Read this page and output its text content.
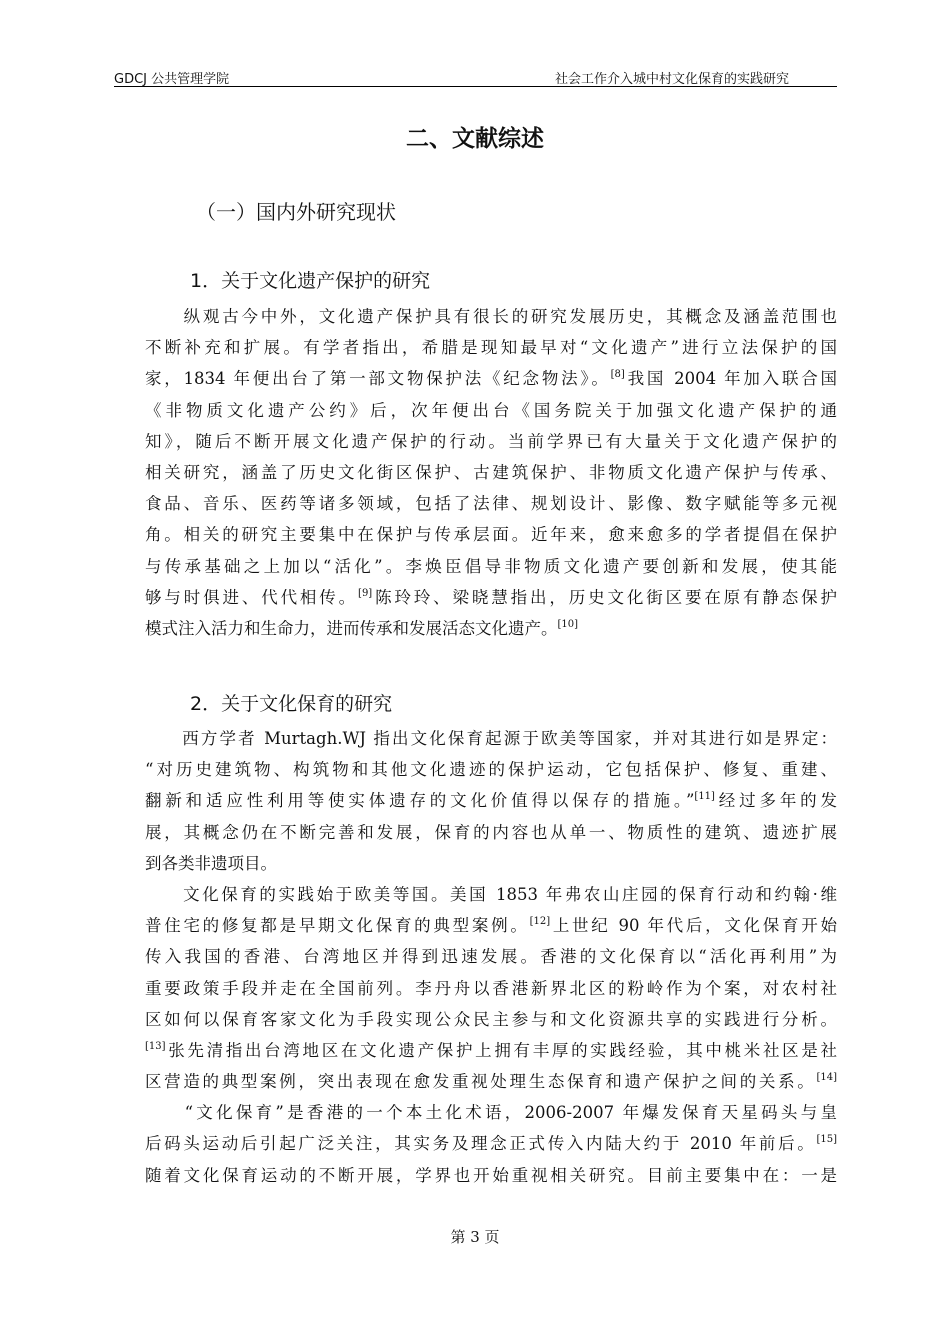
GDCJ 公共管理学院	社会工作介入城中村文化保育的实践研究
二、文献综述
（一）国内外研究现状
1．关于文化遗产保护的研究
　　纵观古今中外，文化遗产保护具有很长的研究发展历史，其概念及涵盖范围也
不断补充和扩展。有学者指出，希腊是现知最早对“文化遗产”进行立法保护的国
家，1834 年便出台了第一部文物保护法《纪念物法》。[8]我国 2004 年加入联合国
《非物质文化遗产公约》后，次年便出台《国务院关于加强文化遗产保护的通
知》，随后不断开展文化遗产保护的行动。当前学界已有大量关于文化遗产保护的
相关研究，涵盖了历史文化街区保护、古建筑保护、非物质文化遗产保护与传承、
食品、音乐、医药等诸多领域，包括了法律、规划设计、影像、数字赋能等多元视
角。相关的研究主要集中在保护与传承层面。近年来，愈来愈多的学者提倡在保护
与传承基础之上加以“活化”。李焕臣倡导非物质文化遗产要创新和发展，使其能
够与时俱进、代代相传。[9]陈玲玲、梁晓慧指出，历史文化街区要在原有静态保护
模式注入活力和生命力，进而传承和发展活态文化遗产。[10]
2．关于文化保育的研究
　　西方学者 Murtagh.WJ 指出文化保育起源于欧美等国家，并对其进行如是界定：
“对历史建筑物、构筑物和其他文化遗迹的保护运动，它包括保护、修复、重建、
翻新和适应性利用等使实体遗存的文化价值得以保存的措施。”[11]经过多年的发
展，其概念仍在不断完善和发展，保育的内容也从单一、物质性的建筑、遗迹扩展
到各类非遗项目。
　　文化保育的实践始于欧美等国。美国 1853 年弗农山庄园的保育行动和约翰·维
普住宅的修复都是早期文化保育的典型案例。[12]上世纪 90 年代后，文化保育开始
传入我国的香港、台湾地区并得到迅速发展。香港的文化保育以“活化再利用”为
重要政策手段并走在全国前列。李丹舟以香港新界北区的粉岭作为个案，对农村社
区如何以保育客家文化为手段实现公众民主参与和文化资源共享的实践进行分析。
[13]张先清指出台湾地区在文化遗产保护上拥有丰厚的实践经验，其中桃米社区是社
区营造的典型案例，突出表现在愈发重视处理生态保育和遗产保护之间的关系。[14]
　　“文化保育”是香港的一个本土化术语，2006-2007 年爆发保育天星码头与皇
后码头运动后引起广泛关注，其实务及理念正式传入内陆大约于 2010 年前后。[15]
随着文化保育运动的不断开展，学界也开始重视相关研究。目前主要集中在：一是
第 3 页
